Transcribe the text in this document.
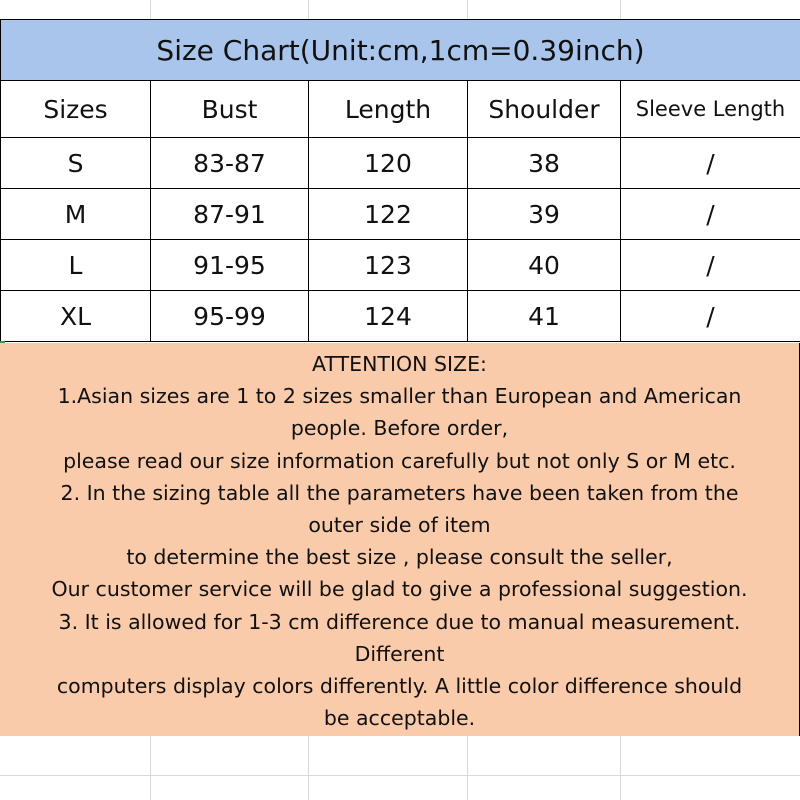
Size Chart(Unit:cm,1cm=0.39inch)				
Sizes	Bust	Length	Shoulder	Sleeve Length
S	83-87	120	38	/
M	87-91	122	39	/
L	91-95	123	40	/
XL	95-99	124	41	/
ATTENTION SIZE:
1.Asian sizes are 1 to 2 sizes smaller than European and American
people. Before order,
please read our size information carefully but not only S or M etc.
2. In the sizing table all the parameters have been taken from the
outer side of item
to determine the best size , please consult the seller,
Our customer service will be glad to give a professional suggestion.
3. It is allowed for 1-3 cm difference due to manual measurement.
Different
computers display colors differently. A little color difference should
be acceptable.
